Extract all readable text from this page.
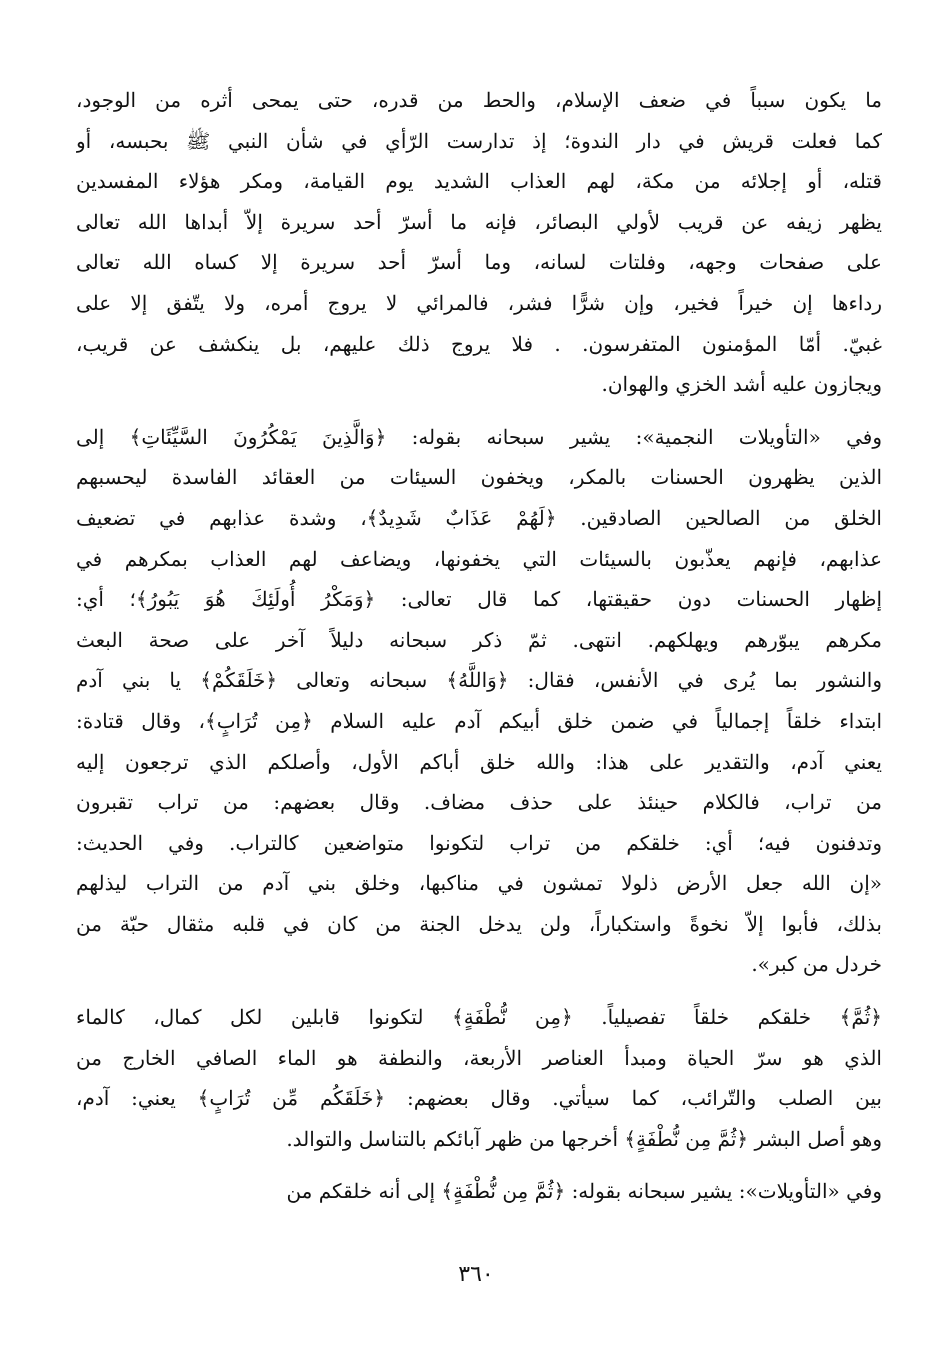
ما يكون سبباً في ضعف الإسلام، والحط من قدره، حتى يمحى أثره من الوجود،
كما فعلت قريش في دار الندوة؛ إذ تدارست الرّأي في شأن النبي ﷺ بحبسه، أو
قتله، أو إجلائه من مكة، لهم العذاب الشديد يوم القيامة، ومكر هؤلاء المفسدين
يظهر زيفه عن قريب لأولي البصائر، فإنه ما أسرّ أحد سريرة إلاّ أبداها الله تعالى
على صفحات وجهه، وفلتات لسانه، وما أسرّ أحد سريرة إلا كساه الله تعالى
رداءها إن خيراً فخير، وإن شرًّا فشر، فالمرائي لا يروج أمره، ولا يتّفق إلا على
غبيّ. أمّا المؤمنون المتفرسون. . فلا يروج ذلك عليهم، بل ينكشف عن قريب،
ويجازون عليه أشد الخزي والهوان.
وفي «التأويلات النجمية»: يشير سبحانه بقوله: ﴿وَالَّذِينَ يَمْكُرُونَ السَّيِّئَاتِ﴾ إلى
الذين يظهرون الحسنات بالمكر، ويخفون السيئات من العقائد الفاسدة ليحسبهم
الخلق من الصالحين الصادقين. ﴿لَهُمْ عَذَابٌ شَدِيدٌ﴾، وشدة عذابهم في تضعيف
عذابهم، فإنهم يعذّبون بالسيئات التي يخفونها، ويضاعف لهم العذاب بمكرهم في
إظهار الحسنات دون حقيقتها، كما قال تعالى: ﴿وَمَكْرُ أُولَئِكَ هُوَ يَبُورُ﴾؛ أي:
مكرهم يبوّرهم ويهلكهم. انتهى. ثمّ ذكر سبحانه دليلاً آخر على صحة البعث
والنشور بما يُرى في الأنفس، فقال: ﴿وَاللَّهُ﴾ سبحانه وتعالى ﴿خَلَقَكُمْ﴾ يا بني آدم
ابتداء خلقاً إجمالياً في ضمن خلق أبيكم آدم عليه السلام ﴿مِن تُرَابٍ﴾، وقال قتادة:
يعني آدم، والتقدير على هذا: والله خلق أباكم الأول، وأصلكم الذي ترجعون إليه
من تراب، فالكلام حينئذ على حذف مضاف. وقال بعضهم: من تراب تقبرون
وتدفنون فيه؛ أي: خلقكم من تراب لتكونوا متواضعين كالتراب. وفي الحديث:
«إن الله جعل الأرض ذلولا تمشون في مناكبها، وخلق بني آدم من التراب ليذلهم
بذلك، فأبوا إلاّ نخوةً واستكباراً، ولن يدخل الجنة من كان في قلبه مثقال حبّة من
خردل من كبر».
﴿ثُمَّ﴾ خلقكم خلقاً تفصيلياً. ﴿مِن نُّطْفَةٍ﴾ لتكونوا قابلين لكل كمال، كالماء
الذي هو سرّ الحياة ومبدأ العناصر الأربعة، والنطفة هو الماء الصافي الخارج من
بين الصلب والتّرائب، كما سيأتي. وقال بعضهم: ﴿خَلَقَكُم مِّن تُرَابٍ﴾ يعني: آدم،
وهو أصل البشر ﴿ثُمَّ مِن نُّطْفَةٍ﴾ أخرجها من ظهر آبائكم بالتناسل والتوالد.
وفي «التأويلات»: يشير سبحانه بقوله: ﴿ثُمَّ مِن نُّطْفَةٍ﴾ إلى أنه خلقكم من
٣٦٠
